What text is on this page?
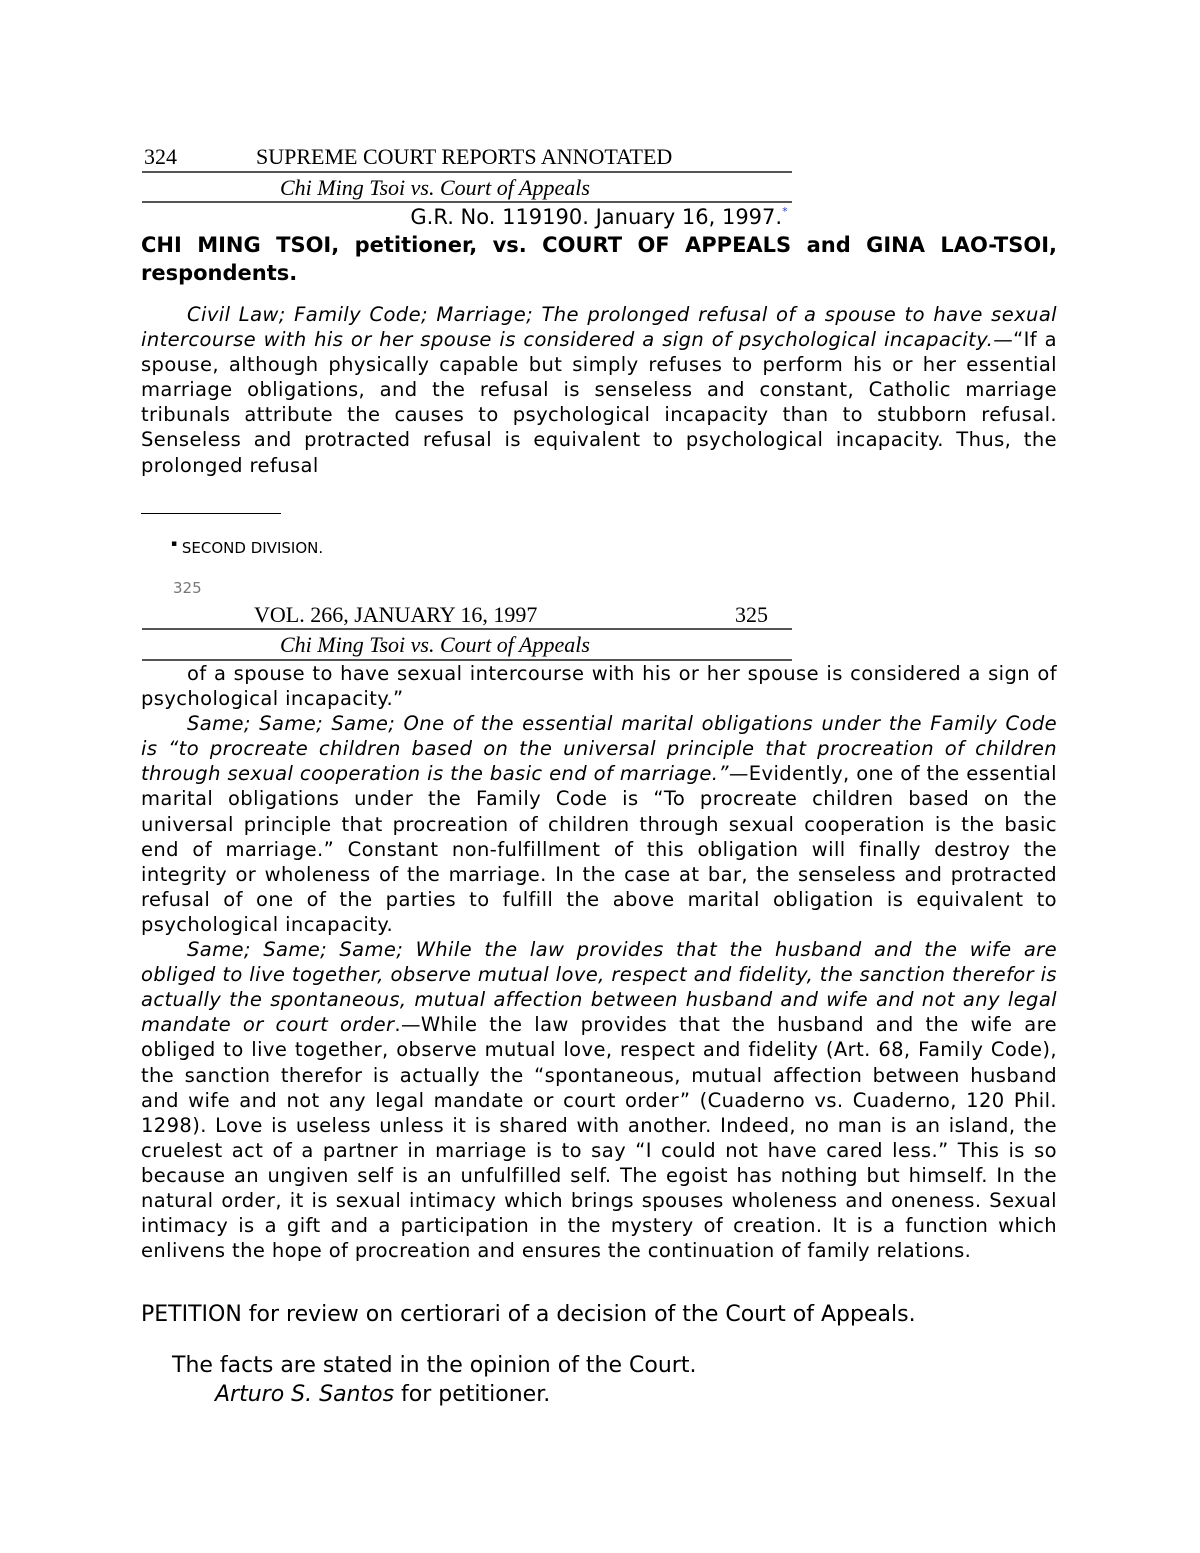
324	SUPREME COURT REPORTS ANNOTATED
Chi Ming Tsoi vs. Court of Appeals
G.R. No. 119190. January 16, 1997.*
CHI MING TSOI, petitioner, vs. COURT OF APPEALS and GINA LAO-TSOI, respondents.

Civil Law; Family Code; Marriage; The prolonged refusal of a spouse to have sexual intercourse with his or her spouse is considered a sign of psychological incapacity.—“If a spouse, although physically capable but simply refuses to perform his or her essential marriage obligations, and the refusal is senseless and constant, Catholic marriage tribunals attribute the causes to psychological incapacity than to stubborn refusal. Senseless and protracted refusal is equivalent to psychological incapacity. Thus, the prolonged refusal

▪ SECOND DIVISION.
325
VOL. 266, JANUARY 16, 1997	325
Chi Ming Tsoi vs. Court of Appeals

of a spouse to have sexual intercourse with his or her spouse is considered a sign of psychological incapacity.”

Same; Same; Same; One of the essential marital obligations under the Family Code is “to procreate children based on the universal principle that procreation of children through sexual cooperation is the basic end of marriage.”—Evidently, one of the essential marital obligations under the Family Code is “To procreate children based on the universal principle that procreation of children through sexual cooperation is the basic end of marriage.” Constant non-fulfillment of this obligation will finally destroy the integrity or wholeness of the marriage. In the case at bar, the senseless and protracted refusal of one of the parties to fulfill the above marital obligation is equivalent to psychological incapacity.

Same; Same; Same; While the law provides that the husband and the wife are obliged to live together, observe mutual love, respect and fidelity, the sanction therefor is actually the spontaneous, mutual affection between husband and wife and not any legal mandate or court order.—While the law provides that the husband and the wife are obliged to live together, observe mutual love, respect and fidelity (Art. 68, Family Code), the sanction therefor is actually the “spontaneous, mutual affection between husband and wife and not any legal mandate or court order” (Cuaderno vs. Cuaderno, 120 Phil. 1298). Love is useless unless it is shared with another. Indeed, no man is an island, the cruelest act of a partner in marriage is to say “I could not have cared less.” This is so because an ungiven self is an unfulfilled self. The egoist has nothing but himself. In the natural order, it is sexual intimacy which brings spouses wholeness and oneness. Sexual intimacy is a gift and a participation in the mystery of creation. It is a function which enlivens the hope of procreation and ensures the continuation of family relations.

PETITION for review on certiorari of a decision of the Court of Appeals.
The facts are stated in the opinion of the Court.
Arturo S. Santos for petitioner.
